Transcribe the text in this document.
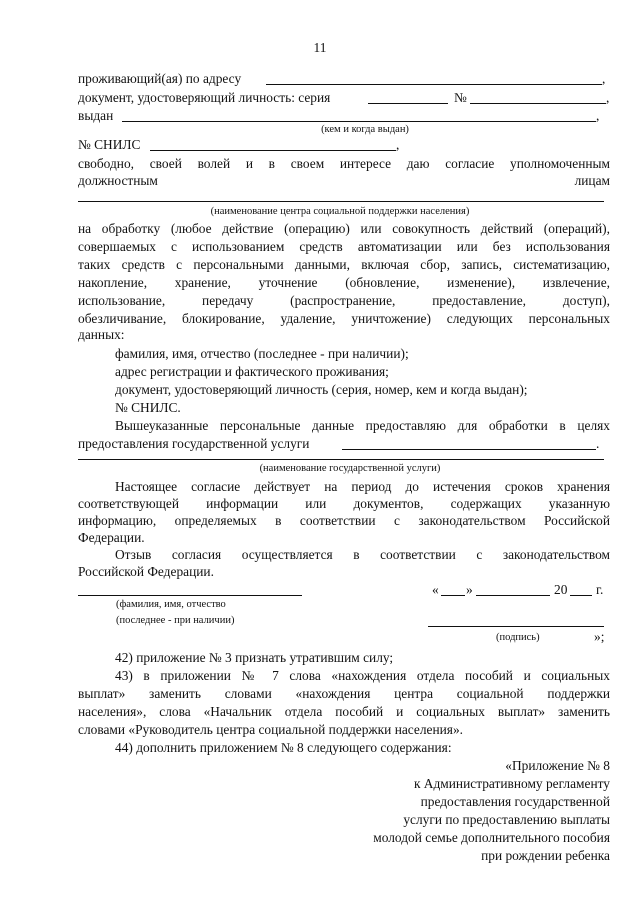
11
проживающий(ая) по адресу	,
документ, удостоверяющий личность: серия	№	,
выдан	,
(кем и когда выдан)
№ СНИЛС	,
свободно, своей волей и в своем интересе даю согласие уполномоченным
должностным	лицам
(наименование центра социальной поддержки населения)
на обработку (любое действие (операцию) или совокупность действий (операций),
совершаемых с использованием средств автоматизации или без использования
таких средств с персональными данными, включая сбор, запись, систематизацию,
накопление, хранение, уточнение (обновление, изменение), извлечение,
использование, передачу (распространение, предоставление, доступ),
обезличивание, блокирование, удаление, уничтожение) следующих персональных
данных:
фамилия, имя, отчество (последнее - при наличии);
адрес регистрации и фактического проживания;
документ, удостоверяющий личность (серия, номер, кем и когда выдан);
№ СНИЛС.
Вышеуказанные персональные данные предоставляю для обработки в целях
предоставления государственной услуги	.
(наименование государственной услуги)
Настоящее согласие действует на период до истечения сроков хранения
соответствующей информации или документов, содержащих указанную
информацию, определяемых в соответствии с законодательством Российской
Федерации.
Отзыв согласия осуществляется в соответствии с законодательством
Российской Федерации.
« »	20 г.
(фамилия, имя, отчество
(последнее - при наличии)
(подпись)	»;
42) приложение № 3 признать утратившим силу;
43) в приложении № 7 слова «нахождения отдела пособий и социальных
выплат» заменить словами «нахождения центра социальной поддержки
населения», слова «Начальник отдела пособий и социальных выплат» заменить
словами «Руководитель центра социальной поддержки населения».
44) дополнить приложением № 8 следующего содержания:
«Приложение № 8
к Административному регламенту
предоставления государственной
услуги по предоставлению выплаты
молодой семье дополнительного пособия
при рождении ребенка
